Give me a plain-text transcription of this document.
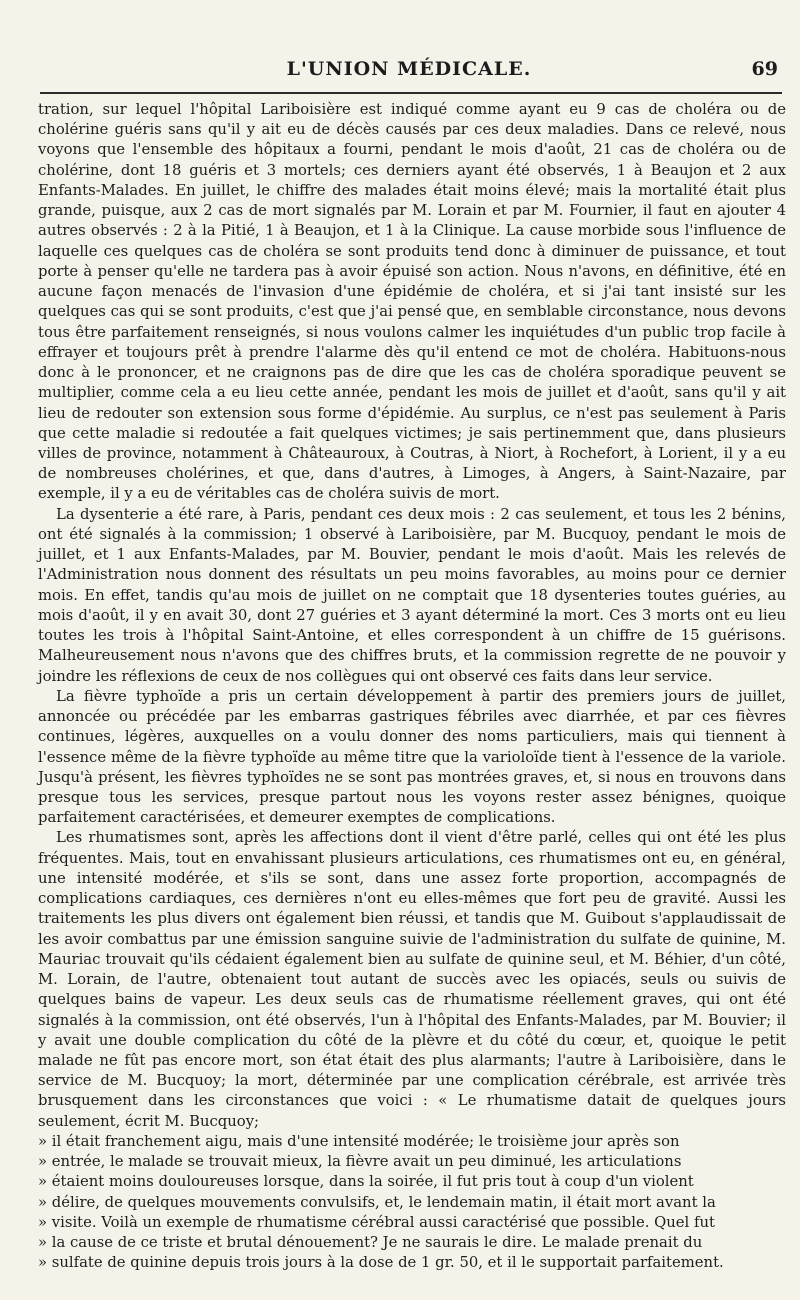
L'UNION MÉDICALE.	69

tration, sur lequel l'hôpital Lariboisière est indiqué comme ayant eu 9 cas de choléra ou de cholérine guéris sans qu'il y ait eu de décès causés par ces deux maladies. Dans ce relevé, nous voyons que l'ensemble des hôpitaux a fourni, pendant le mois d'août, 21 cas de choléra ou de cholérine, dont 18 guéris et 3 mortels; ces derniers ayant été observés, 1 à Beaujon et 2 aux Enfants-Malades. En juillet, le chiffre des malades était moins élevé; mais la mortalité était plus grande, puisque, aux 2 cas de mort signalés par M. Lorain et par M. Fournier, il faut en ajouter 4 autres observés : 2 à la Pitié, 1 à Beaujon, et 1 à la Clinique. La cause morbide sous l'influence de laquelle ces quelques cas de choléra se sont produits tend donc à diminuer de puissance, et tout porte à penser qu'elle ne tardera pas à avoir épuisé son action. Nous n'avons, en définitive, été en aucune façon menacés de l'invasion d'une épidémie de choléra, et si j'ai tant insisté sur les quelques cas qui se sont produits, c'est que j'ai pensé que, en semblable circonstance, nous devons tous être parfaitement renseignés, si nous voulons calmer les inquiétudes d'un public trop facile à effrayer et toujours prêt à prendre l'alarme dès qu'il entend ce mot de choléra. Habituons-nous donc à le prononcer, et ne craignons pas de dire que les cas de choléra sporadique peuvent se multiplier, comme cela a eu lieu cette année, pendant les mois de juillet et d'août, sans qu'il y ait lieu de redouter son extension sous forme d'épidémie. Au surplus, ce n'est pas seulement à Paris que cette maladie si redoutée a fait quelques victimes; je sais pertinemment que, dans plusieurs villes de province, notamment à Châteauroux, à Coutras, à Niort, à Rochefort, à Lorient, il y a eu de nombreuses cholérines, et que, dans d'autres, à Limoges, à Angers, à Saint-Nazaire, par exemple, il y a eu de véritables cas de choléra suivis de mort.

La dysenterie a été rare, à Paris, pendant ces deux mois : 2 cas seulement, et tous les 2 bénins, ont été signalés à la commission; 1 observé à Lariboisière, par M. Bucquoy, pendant le mois de juillet, et 1 aux Enfants-Malades, par M. Bouvier, pendant le mois d'août. Mais les relevés de l'Administration nous donnent des résultats un peu moins favorables, au moins pour ce dernier mois. En effet, tandis qu'au mois de juillet on ne comptait que 18 dysenteries toutes guéries, au mois d'août, il y en avait 30, dont 27 guéries et 3 ayant déterminé la mort. Ces 3 morts ont eu lieu toutes les trois à l'hôpital Saint-Antoine, et elles correspondent à un chiffre de 15 guérisons. Malheureusement nous n'avons que des chiffres bruts, et la commission regrette de ne pouvoir y joindre les réflexions de ceux de nos collègues qui ont observé ces faits dans leur service.

La fièvre typhoïde a pris un certain développement à partir des premiers jours de juillet, annoncée ou précédée par les embarras gastriques fébriles avec diarrhée, et par ces fièvres continues, légères, auxquelles on a voulu donner des noms particuliers, mais qui tiennent à l'essence même de la fièvre typhoïde au même titre que la varioloïde tient à l'essence de la variole. Jusqu'à présent, les fièvres typhoïdes ne se sont pas montrées graves, et, si nous en trouvons dans presque tous les services, presque partout nous les voyons rester assez bénignes, quoique parfaitement caractérisées, et demeurer exemptes de complications.

Les rhumatismes sont, après les affections dont il vient d'être parlé, celles qui ont été les plus fréquentes. Mais, tout en envahissant plusieurs articulations, ces rhumatismes ont eu, en général, une intensité modérée, et s'ils se sont, dans une assez forte proportion, accompagnés de complications cardiaques, ces dernières n'ont eu elles-mêmes que fort peu de gravité. Aussi les traitements les plus divers ont également bien réussi, et tandis que M. Guibout s'applaudissait de les avoir combattus par une émission sanguine suivie de l'administration du sulfate de quinine, M. Mauriac trouvait qu'ils cédaient également bien au sulfate de quinine seul, et M. Béhier, d'un côté, M. Lorain, de l'autre, obtenaient tout autant de succès avec les opiacés, seuls ou suivis de quelques bains de vapeur. Les deux seuls cas de rhumatisme réellement graves, qui ont été signalés à la commission, ont été observés, l'un à l'hôpital des Enfants-Malades, par M. Bouvier; il y avait une double complication du côté de la plèvre et du côté du cœur, et, quoique le petit malade ne fût pas encore mort, son état était des plus alarmants; l'autre à Lariboisière, dans le service de M. Bucquoy; la mort, déterminée par une complication cérébrale, est arrivée très brusquement dans les circonstances que voici : « Le rhumatisme datait de quelques jours seulement, écrit M. Bucquoy;

» il était franchement aigu, mais d'une intensité modérée; le troisième jour après son
» entrée, le malade se trouvait mieux, la fièvre avait un peu diminué, les articulations
» étaient moins douloureuses lorsque, dans la soirée, il fut pris tout à coup d'un violent
» délire, de quelques mouvements convulsifs, et, le lendemain matin, il était mort avant la
» visite. Voilà un exemple de rhumatisme cérébral aussi caractérisé que possible. Quel fut
» la cause de ce triste et brutal dénouement? Je ne saurais le dire. Le malade prenait du
» sulfate de quinine depuis trois jours à la dose de 1 gr. 50, et il le supportait parfaitement.
